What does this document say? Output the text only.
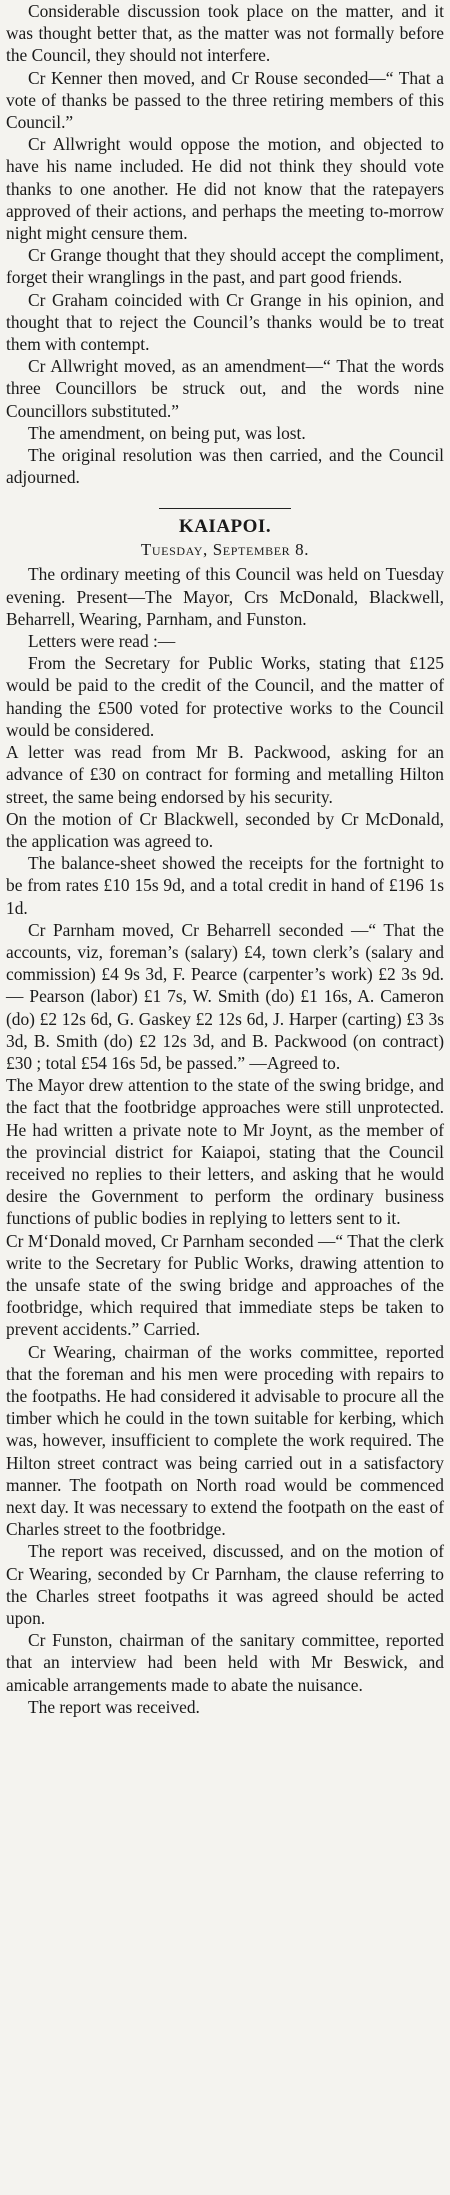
Considerable discussion took place on the matter, and it was thought better that, as the matter was not formally before the Council, they should not interfere.

Cr Kenner then moved, and Cr Rouse seconded—“ That a vote of thanks be passed to the three retiring members of this Council.”

Cr Allwright would oppose the motion, and objected to have his name included. He did not think they should vote thanks to one another. He did not know that the ratepayers approved of their actions, and perhaps the meeting to-morrow night might censure them.

Cr Grange thought that they should accept the compliment, forget their wranglings in the past, and part good friends.

Cr Graham coincided with Cr Grange in his opinion, and thought that to reject the Council’s thanks would be to treat them with contempt.

Cr Allwright moved, as an amendment—“ That the words three Councillors be struck out, and the words nine Councillors substituted.”

The amendment, on being put, was lost.

The original resolution was then carried, and the Council adjourned.

KAIAPOI.

Tuesday, September 8.

The ordinary meeting of this Council was held on Tuesday evening. Present—The Mayor, Crs McDonald, Blackwell, Beharrell, Wearing, Parnham, and Funston.

Letters were read :—

From the Secretary for Public Works, stating that £125 would be paid to the credit of the Council, and the matter of handing the £500 voted for protective works to the Council would be considered.

A letter was read from Mr B. Packwood, asking for an advance of £30 on contract for forming and metalling Hilton street, the same being endorsed by his security.

On the motion of Cr Blackwell, seconded by Cr McDonald, the application was agreed to.

The balance-sheet showed the receipts for the fortnight to be from rates £10 15s 9d, and a total credit in hand of £196 1s 1d.

Cr Parnham moved, Cr Beharrell seconded —“ That the accounts, viz, foreman’s (salary) £4, town clerk’s (salary and commission) £4 9s 3d, F. Pearce (carpenter’s work) £2 3s 9d. — Pearson (labor) £1 7s, W. Smith (do) £1 16s, A. Cameron (do) £2 12s 6d, G. Gaskey £2 12s 6d, J. Harper (carting) £3 3s 3d, B. Smith (do) £2 12s 3d, and B. Packwood (on contract) £30 ; total £54 16s 5d, be passed.” —Agreed to.

The Mayor drew attention to the state of the swing bridge, and the fact that the footbridge approaches were still unprotected. He had written a private note to Mr Joynt, as the member of the provincial district for Kaiapoi, stating that the Council received no replies to their letters, and asking that he would desire the Government to perform the ordinary business functions of public bodies in replying to letters sent to it.

Cr M‘Donald moved, Cr Parnham seconded —“ That the clerk write to the Secretary for Public Works, drawing attention to the unsafe state of the swing bridge and approaches of the footbridge, which required that immediate steps be taken to prevent accidents.” Carried.

Cr Wearing, chairman of the works committee, reported that the foreman and his men were proceding with repairs to the footpaths. He had considered it advisable to procure all the timber which he could in the town suitable for kerbing, which was, however, insufficient to complete the work required. The Hilton street contract was being carried out in a satisfactory manner. The footpath on North road would be commenced next day. It was necessary to extend the footpath on the east of Charles street to the footbridge.

The report was received, discussed, and on the motion of Cr Wearing, seconded by Cr Parnham, the clause referring to the Charles street footpaths it was agreed should be acted upon.

Cr Funston, chairman of the sanitary committee, reported that an interview had been held with Mr Beswick, and amicable arrangements made to abate the nuisance.

The report was received.
